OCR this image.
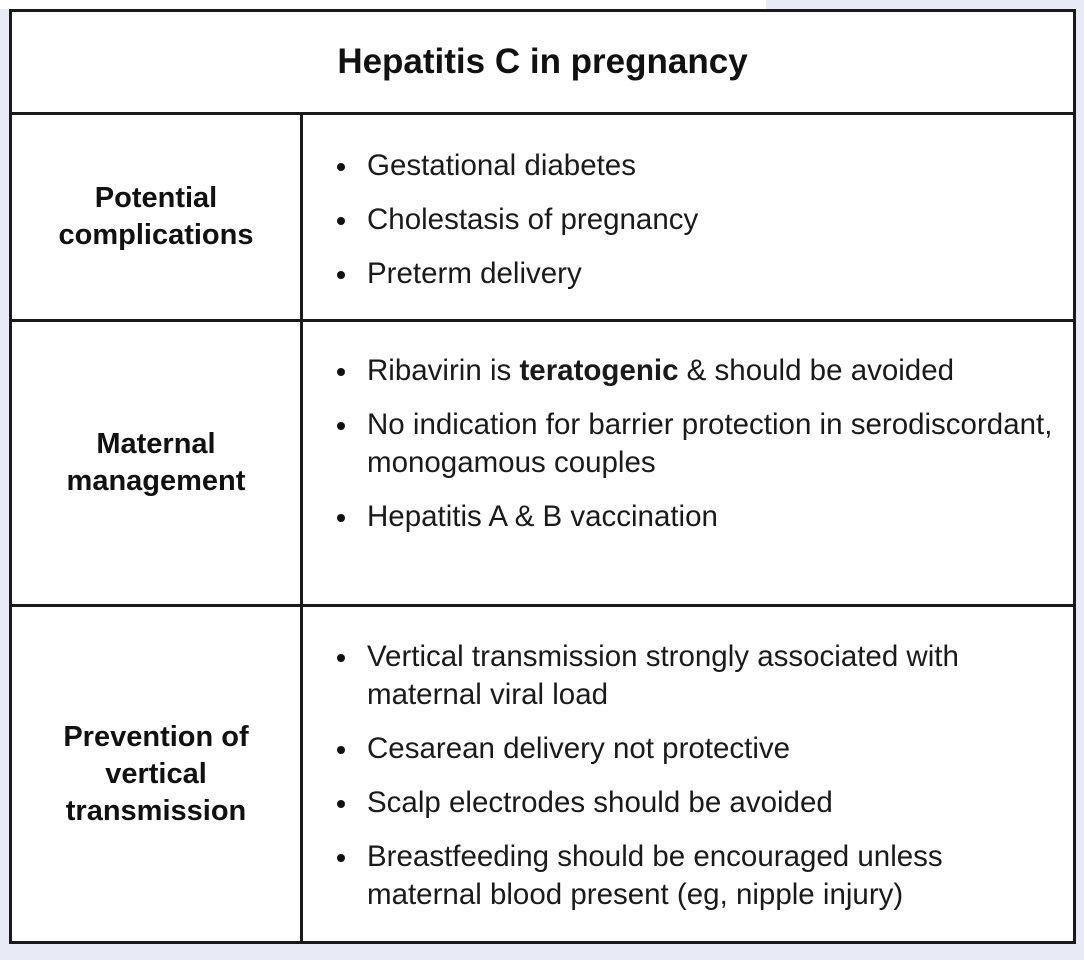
Hepatitis C in pregnancy
Potential complications
Gestational diabetes
Cholestasis of pregnancy
Preterm delivery
Maternal management
Ribavirin is teratogenic & should be avoided
No indication for barrier protection in serodiscordant, monogamous couples
Hepatitis A & B vaccination
Prevention of vertical transmission
Vertical transmission strongly associated with maternal viral load
Cesarean delivery not protective
Scalp electrodes should be avoided
Breastfeeding should be encouraged unless maternal blood present (eg, nipple injury)
